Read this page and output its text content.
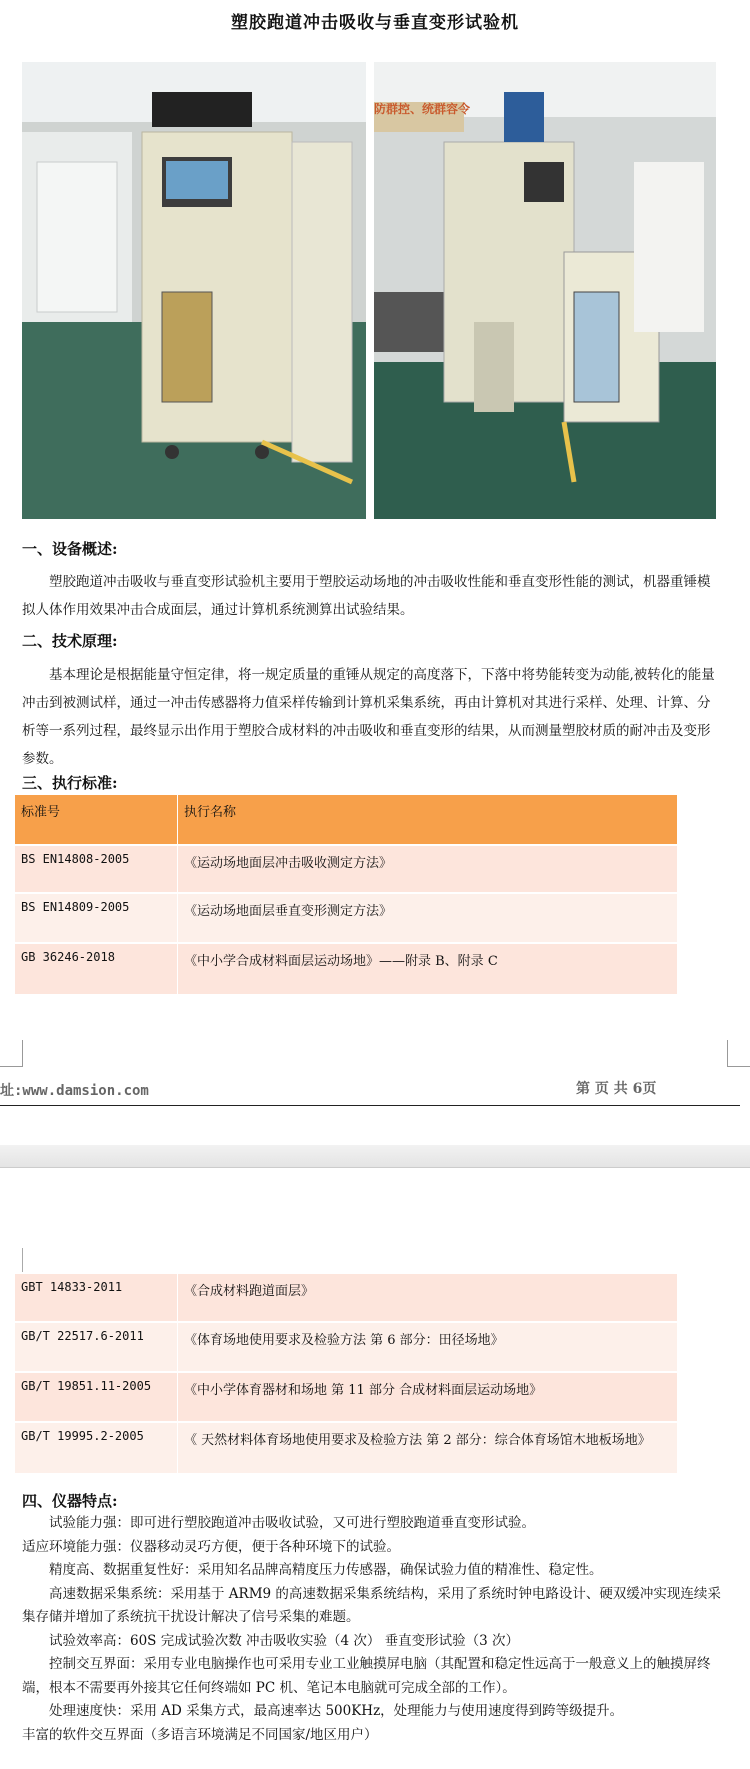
塑胶跑道冲击吸收与垂直变形试验机
防群控、统群容令
一、设备概述:
塑胶跑道冲击吸收与垂直变形试验机主要用于塑胶运动场地的冲击吸收性能和垂直变形性能的测试，机器重锤模拟人体作用效果冲击合成面层，通过计算机系统测算出试验结果。
二、技术原理:
基本理论是根据能量守恒定律，将一规定质量的重锤从规定的高度落下，下落中将势能转变为动能,被转化的能量冲击到被测试样，通过一冲击传感器将力值采样传输到计算机采集系统，再由计算机对其进行采样、处理、计算、分析等一系列过程，最终显示出作用于塑胶合成材料的冲击吸收和垂直变形的结果，从而测量塑胶材质的耐冲击及变形参数。
三、执行标准:
标准号	执行名称
BS EN14808-2005	《运动场地面层冲击吸收测定方法》
BS EN14809-2005	《运动场地面层垂直变形测定方法》
GB 36246-2018	《中小学合成材料面层运动场地》——附录 B、附录 C
址:www.damsion.com	第 页 共 6页
GBT 14833-2011	《合成材料跑道面层》
GB/T 22517.6-2011	《体育场地使用要求及检验方法 第 6 部分：田径场地》
GB/T 19851.11-2005	《中小学体育器材和场地 第 11 部分 合成材料面层运动场地》
GB/T 19995.2-2005	《 天然材料体育场地使用要求及检验方法 第 2 部分：综合体育场馆木地板场地》
四、仪器特点:

试验能力强：即可进行塑胶跑道冲击吸收试验，又可进行塑胶跑道垂直变形试验。

适应环境能力强：仪器移动灵巧方便，便于各种环境下的试验。

精度高、数据重复性好：采用知名品牌高精度压力传感器，确保试验力值的精准性、稳定性。

高速数据采集系统：采用基于 ARM9 的高速数据采集系统结构，采用了系统时钟电路设计、硬双缓冲实现连续采集存储并增加了系统抗干扰设计解决了信号采集的难题。

试验效率高：60S 完成试验次数 冲击吸收实验（4 次） 垂直变形试验（3 次）

控制交互界面：采用专业电脑操作也可采用专业工业触摸屏电脑（其配置和稳定性远高于一般意义上的触摸屏终端，根本不需要再外接其它任何终端如 PC 机、笔记本电脑就可完成全部的工作）。

处理速度快：采用 AD 采集方式，最高速率达 500KHz，处理能力与使用速度得到跨等级提升。

丰富的软件交互界面（多语言环境满足不同国家/地区用户）
